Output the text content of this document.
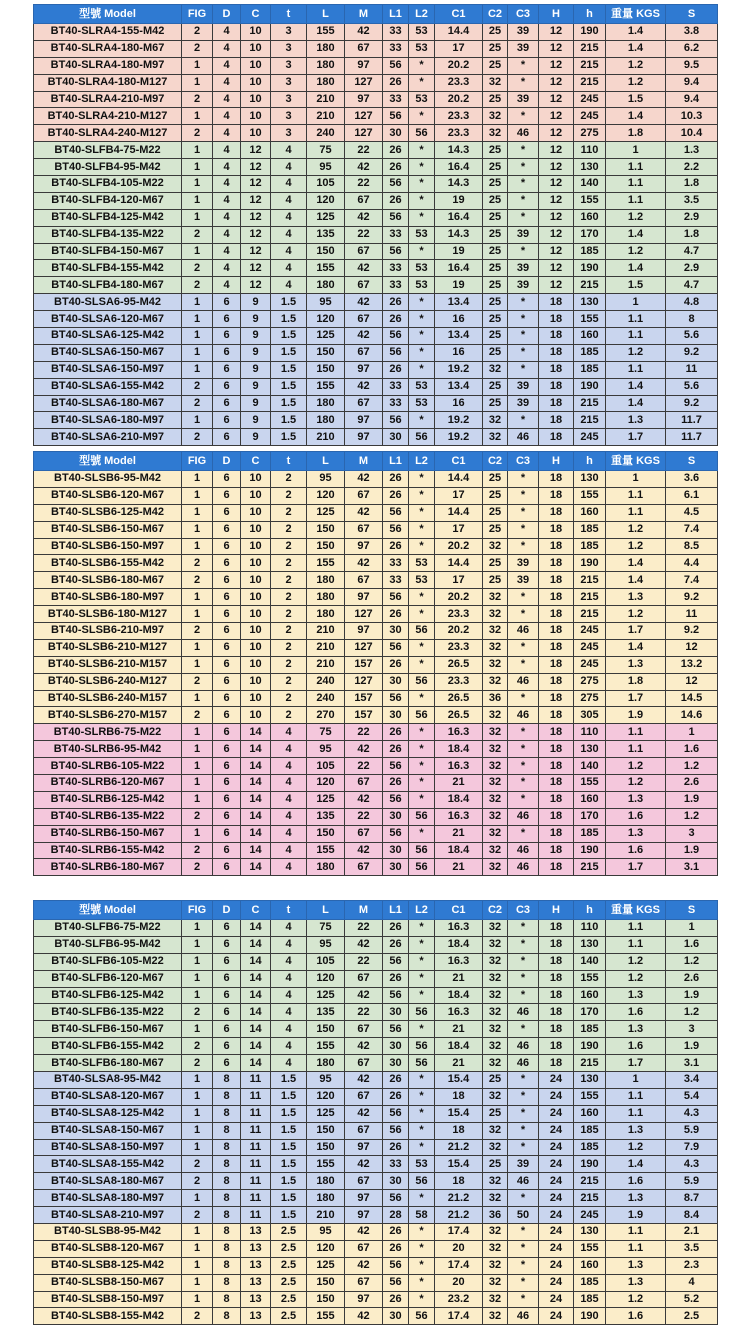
型號 Model	FIG	D	C	t	L	M	L1	L2	C1	C2	C3	H	h	重量 KGS	S
BT40-SLRA4-155-M42	2	4	10	3	155	42	33	53	14.4	25	39	12	190	1.4	3.8
BT40-SLRA4-180-M67	2	4	10	3	180	67	33	53	17	25	39	12	215	1.4	6.2
BT40-SLRA4-180-M97	1	4	10	3	180	97	56	*	20.2	25	*	12	215	1.2	9.5
BT40-SLRA4-180-M127	1	4	10	3	180	127	26	*	23.3	32	*	12	215	1.2	9.4
BT40-SLRA4-210-M97	2	4	10	3	210	97	33	53	20.2	25	39	12	245	1.5	9.4
BT40-SLRA4-210-M127	1	4	10	3	210	127	56	*	23.3	32	*	12	245	1.4	10.3
BT40-SLRA4-240-M127	2	4	10	3	240	127	30	56	23.3	32	46	12	275	1.8	10.4
BT40-SLFB4-75-M22	1	4	12	4	75	22	26	*	14.3	25	*	12	110	1	1.3
BT40-SLFB4-95-M42	1	4	12	4	95	42	26	*	16.4	25	*	12	130	1.1	2.2
BT40-SLFB4-105-M22	1	4	12	4	105	22	56	*	14.3	25	*	12	140	1.1	1.8
BT40-SLFB4-120-M67	1	4	12	4	120	67	26	*	19	25	*	12	155	1.1	3.5
BT40-SLFB4-125-M42	1	4	12	4	125	42	56	*	16.4	25	*	12	160	1.2	2.9
BT40-SLFB4-135-M22	2	4	12	4	135	22	33	53	14.3	25	39	12	170	1.4	1.8
BT40-SLFB4-150-M67	1	4	12	4	150	67	56	*	19	25	*	12	185	1.2	4.7
BT40-SLFB4-155-M42	2	4	12	4	155	42	33	53	16.4	25	39	12	190	1.4	2.9
BT40-SLFB4-180-M67	2	4	12	4	180	67	33	53	19	25	39	12	215	1.5	4.7
BT40-SLSA6-95-M42	1	6	9	1.5	95	42	26	*	13.4	25	*	18	130	1	4.8
BT40-SLSA6-120-M67	1	6	9	1.5	120	67	26	*	16	25	*	18	155	1.1	8
BT40-SLSA6-125-M42	1	6	9	1.5	125	42	56	*	13.4	25	*	18	160	1.1	5.6
BT40-SLSA6-150-M67	1	6	9	1.5	150	67	56	*	16	25	*	18	185	1.2	9.2
BT40-SLSA6-150-M97	1	6	9	1.5	150	97	26	*	19.2	32	*	18	185	1.1	11
BT40-SLSA6-155-M42	2	6	9	1.5	155	42	33	53	13.4	25	39	18	190	1.4	5.6
BT40-SLSA6-180-M67	2	6	9	1.5	180	67	33	53	16	25	39	18	215	1.4	9.2
BT40-SLSA6-180-M97	1	6	9	1.5	180	97	56	*	19.2	32	*	18	215	1.3	11.7
BT40-SLSA6-210-M97	2	6	9	1.5	210	97	30	56	19.2	32	46	18	245	1.7	11.7
型號 Model	FIG	D	C	t	L	M	L1	L2	C1	C2	C3	H	h	重量 KGS	S
BT40-SLSB6-95-M42	1	6	10	2	95	42	26	*	14.4	25	*	18	130	1	3.6
BT40-SLSB6-120-M67	1	6	10	2	120	67	26	*	17	25	*	18	155	1.1	6.1
BT40-SLSB6-125-M42	1	6	10	2	125	42	56	*	14.4	25	*	18	160	1.1	4.5
BT40-SLSB6-150-M67	1	6	10	2	150	67	56	*	17	25	*	18	185	1.2	7.4
BT40-SLSB6-150-M97	1	6	10	2	150	97	26	*	20.2	32	*	18	185	1.2	8.5
BT40-SLSB6-155-M42	2	6	10	2	155	42	33	53	14.4	25	39	18	190	1.4	4.4
BT40-SLSB6-180-M67	2	6	10	2	180	67	33	53	17	25	39	18	215	1.4	7.4
BT40-SLSB6-180-M97	1	6	10	2	180	97	56	*	20.2	32	*	18	215	1.3	9.2
BT40-SLSB6-180-M127	1	6	10	2	180	127	26	*	23.3	32	*	18	215	1.2	11
BT40-SLSB6-210-M97	2	6	10	2	210	97	30	56	20.2	32	46	18	245	1.7	9.2
BT40-SLSB6-210-M127	1	6	10	2	210	127	56	*	23.3	32	*	18	245	1.4	12
BT40-SLSB6-210-M157	1	6	10	2	210	157	26	*	26.5	32	*	18	245	1.3	13.2
BT40-SLSB6-240-M127	2	6	10	2	240	127	30	56	23.3	32	46	18	275	1.8	12
BT40-SLSB6-240-M157	1	6	10	2	240	157	56	*	26.5	36	*	18	275	1.7	14.5
BT40-SLSB6-270-M157	2	6	10	2	270	157	30	56	26.5	32	46	18	305	1.9	14.6
BT40-SLRB6-75-M22	1	6	14	4	75	22	26	*	16.3	32	*	18	110	1.1	1
BT40-SLRB6-95-M42	1	6	14	4	95	42	26	*	18.4	32	*	18	130	1.1	1.6
BT40-SLRB6-105-M22	1	6	14	4	105	22	56	*	16.3	32	*	18	140	1.2	1.2
BT40-SLRB6-120-M67	1	6	14	4	120	67	26	*	21	32	*	18	155	1.2	2.6
BT40-SLRB6-125-M42	1	6	14	4	125	42	56	*	18.4	32	*	18	160	1.3	1.9
BT40-SLRB6-135-M22	2	6	14	4	135	22	30	56	16.3	32	46	18	170	1.6	1.2
BT40-SLRB6-150-M67	1	6	14	4	150	67	56	*	21	32	*	18	185	1.3	3
BT40-SLRB6-155-M42	2	6	14	4	155	42	30	56	18.4	32	46	18	190	1.6	1.9
BT40-SLRB6-180-M67	2	6	14	4	180	67	30	56	21	32	46	18	215	1.7	3.1
型號 Model	FIG	D	C	t	L	M	L1	L2	C1	C2	C3	H	h	重量 KGS	S
BT40-SLFB6-75-M22	1	6	14	4	75	22	26	*	16.3	32	*	18	110	1.1	1
BT40-SLFB6-95-M42	1	6	14	4	95	42	26	*	18.4	32	*	18	130	1.1	1.6
BT40-SLFB6-105-M22	1	6	14	4	105	22	56	*	16.3	32	*	18	140	1.2	1.2
BT40-SLFB6-120-M67	1	6	14	4	120	67	26	*	21	32	*	18	155	1.2	2.6
BT40-SLFB6-125-M42	1	6	14	4	125	42	56	*	18.4	32	*	18	160	1.3	1.9
BT40-SLFB6-135-M22	2	6	14	4	135	22	30	56	16.3	32	46	18	170	1.6	1.2
BT40-SLFB6-150-M67	1	6	14	4	150	67	56	*	21	32	*	18	185	1.3	3
BT40-SLFB6-155-M42	2	6	14	4	155	42	30	56	18.4	32	46	18	190	1.6	1.9
BT40-SLFB6-180-M67	2	6	14	4	180	67	30	56	21	32	46	18	215	1.7	3.1
BT40-SLSA8-95-M42	1	8	11	1.5	95	42	26	*	15.4	25	*	24	130	1	3.4
BT40-SLSA8-120-M67	1	8	11	1.5	120	67	26	*	18	32	*	24	155	1.1	5.4
BT40-SLSA8-125-M42	1	8	11	1.5	125	42	56	*	15.4	25	*	24	160	1.1	4.3
BT40-SLSA8-150-M67	1	8	11	1.5	150	67	56	*	18	32	*	24	185	1.3	5.9
BT40-SLSA8-150-M97	1	8	11	1.5	150	97	26	*	21.2	32	*	24	185	1.2	7.9
BT40-SLSA8-155-M42	2	8	11	1.5	155	42	33	53	15.4	25	39	24	190	1.4	4.3
BT40-SLSA8-180-M67	2	8	11	1.5	180	67	30	56	18	32	46	24	215	1.6	5.9
BT40-SLSA8-180-M97	1	8	11	1.5	180	97	56	*	21.2	32	*	24	215	1.3	8.7
BT40-SLSA8-210-M97	2	8	11	1.5	210	97	28	58	21.2	36	50	24	245	1.9	8.4
BT40-SLSB8-95-M42	1	8	13	2.5	95	42	26	*	17.4	32	*	24	130	1.1	2.1
BT40-SLSB8-120-M67	1	8	13	2.5	120	67	26	*	20	32	*	24	155	1.1	3.5
BT40-SLSB8-125-M42	1	8	13	2.5	125	42	56	*	17.4	32	*	24	160	1.3	2.3
BT40-SLSB8-150-M67	1	8	13	2.5	150	67	56	*	20	32	*	24	185	1.3	4
BT40-SLSB8-150-M97	1	8	13	2.5	150	97	26	*	23.2	32	*	24	185	1.2	5.2
BT40-SLSB8-155-M42	2	8	13	2.5	155	42	30	56	17.4	32	46	24	190	1.6	2.5
